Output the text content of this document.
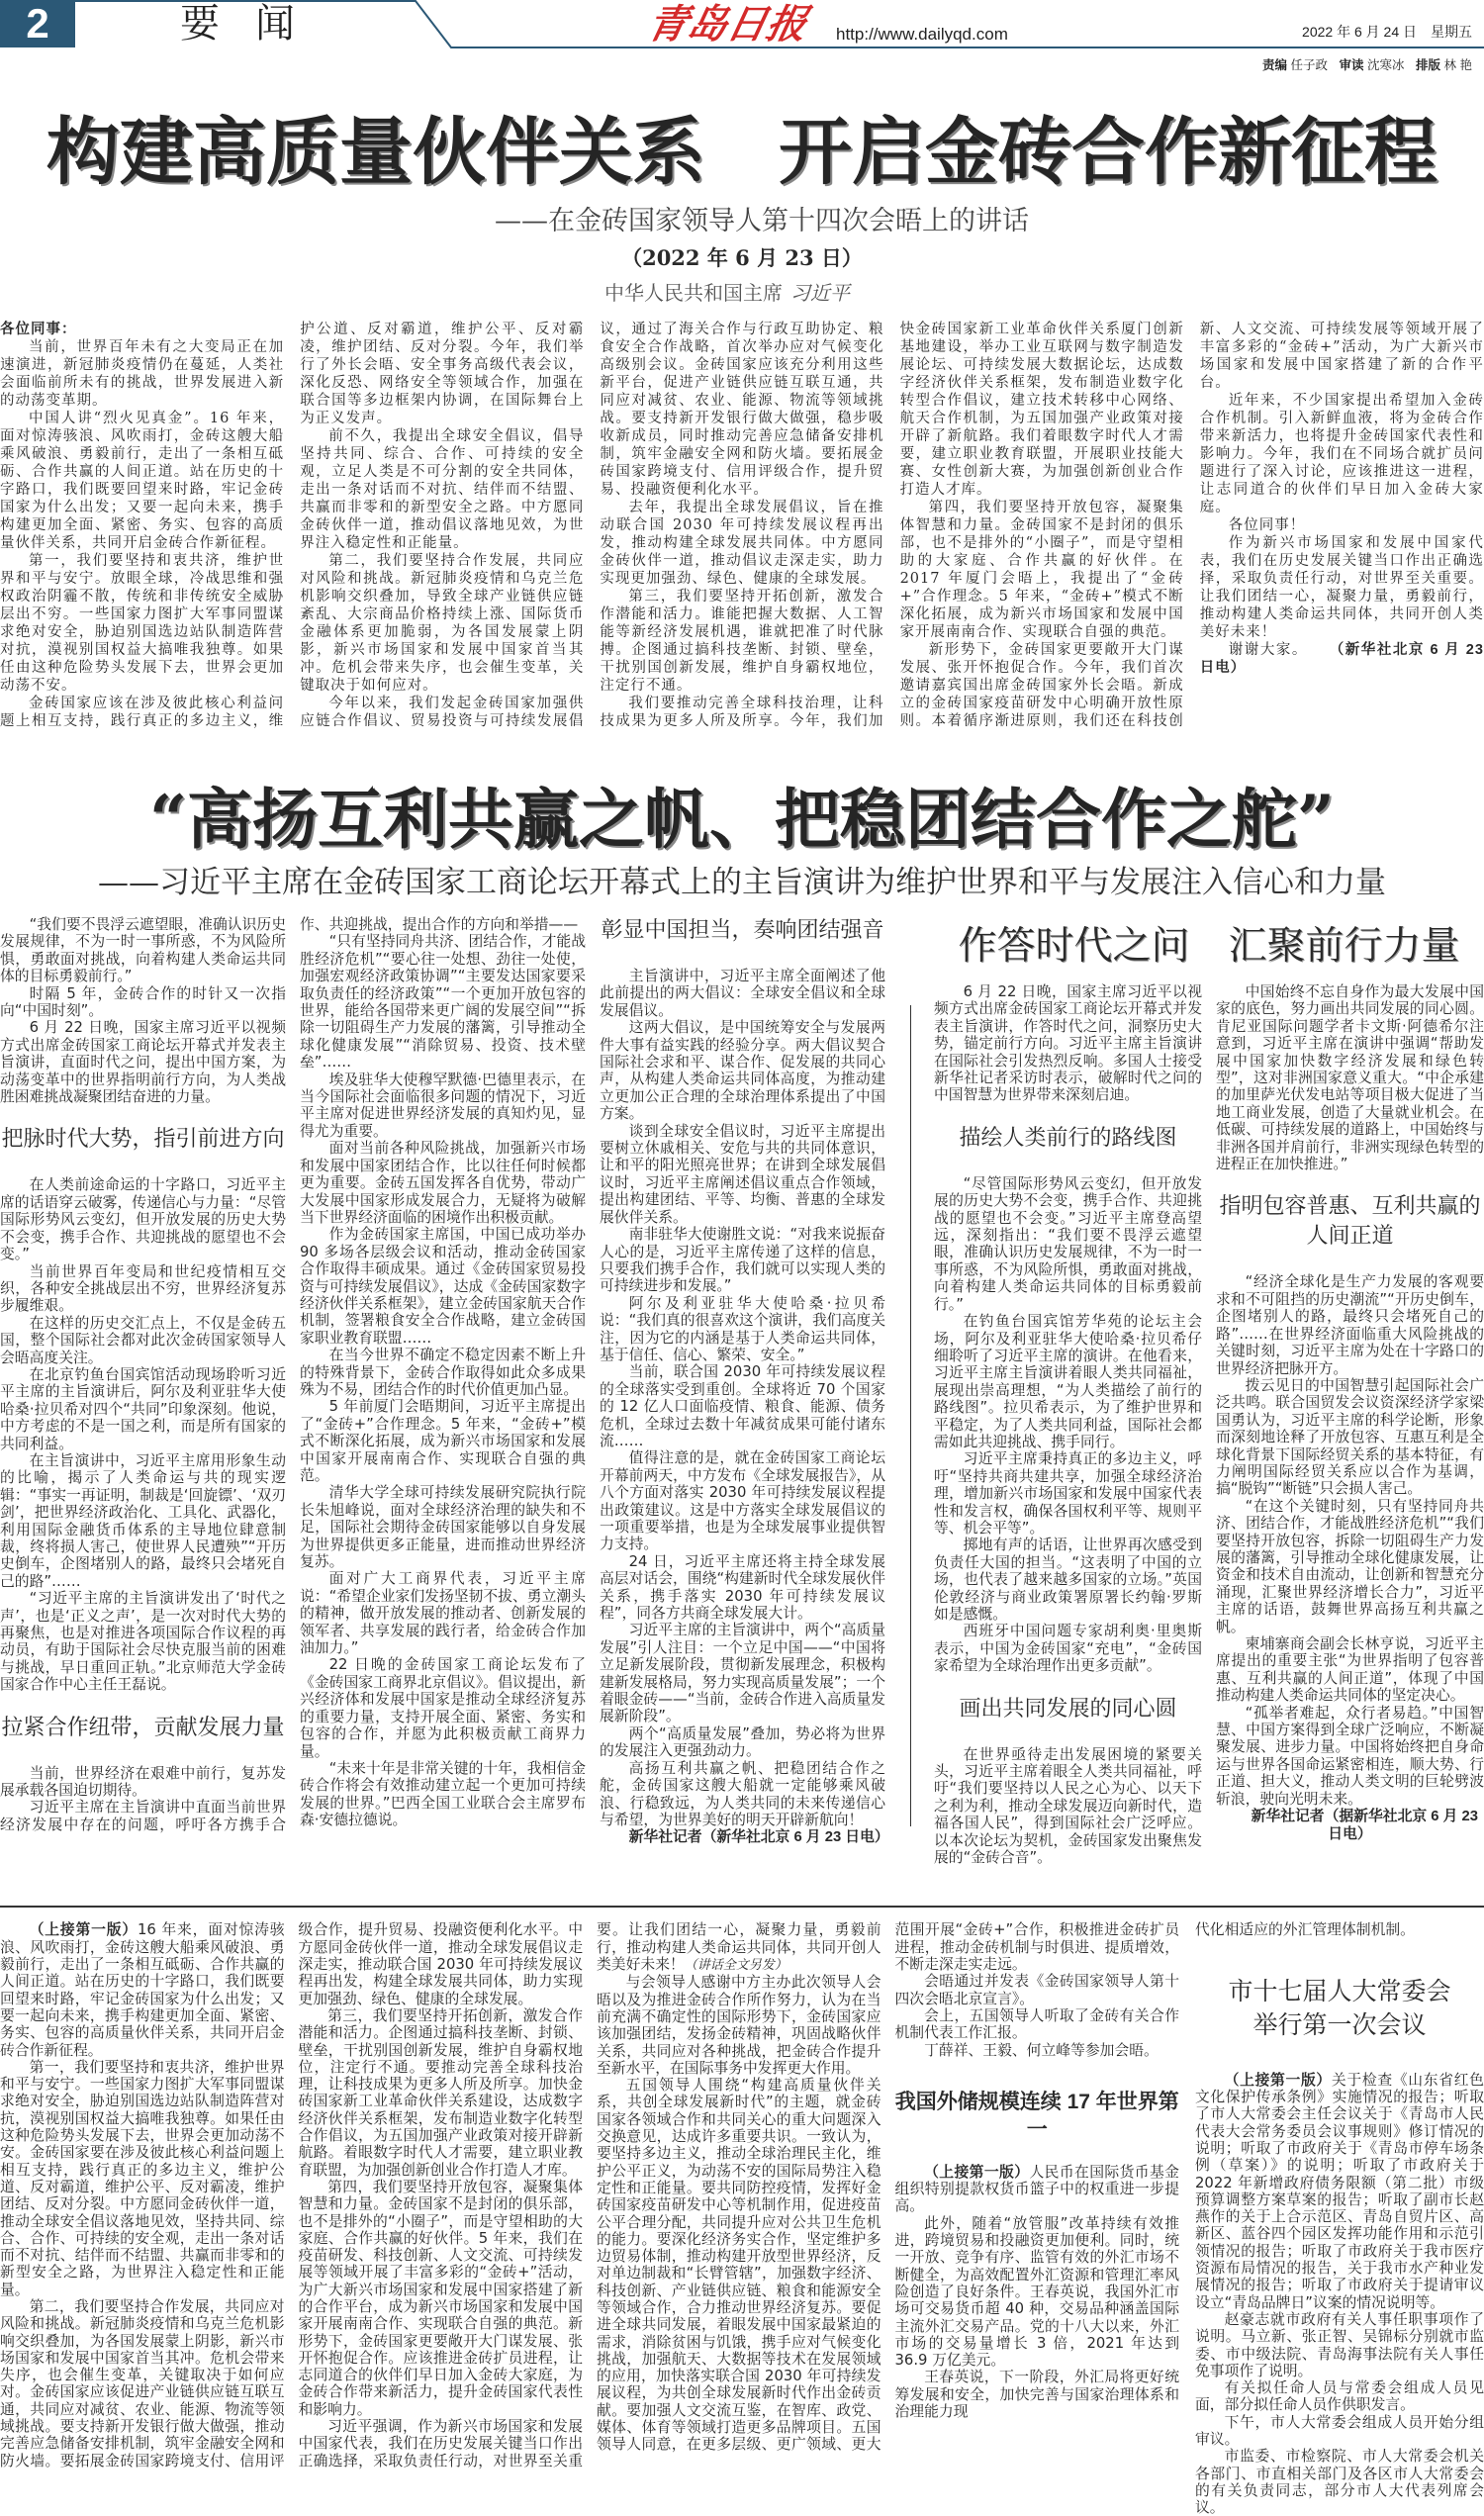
2	要闻	青岛日报 http://www.dailyqd.com	2022 年 6 月 24 日　星期五
责编 任子政 审读 沈寒冰 排版 林 艳
构建高质量伙伴关系　开启金砖合作新征程
——在金砖国家领导人第十四次会晤上的讲话
（2022 年 6 月 23 日）
中华人民共和国主席 习近平

各位同事：

当前，世界百年未有之大变局正在加速演进，新冠肺炎疫情仍在蔓延，人类社会面临前所未有的挑战，世界发展进入新的动荡变革期。

中国人讲“烈火见真金”。16 年来，面对惊涛骇浪、风吹雨打，金砖这艘大船乘风破浪、勇毅前行，走出了一条相互砥砺、合作共赢的人间正道。站在历史的十字路口，我们既要回望来时路，牢记金砖国家为什么出发；又要一起向未来，携手构建更加全面、紧密、务实、包容的高质量伙伴关系，共同开启金砖合作新征程。

第一，我们要坚持和衷共济，维护世界和平与安宁。放眼全球，冷战思维和强权政治阴霾不散，传统和非传统安全威胁层出不穷。一些国家力图扩大军事同盟谋求绝对安全，胁迫别国选边站队制造阵营对抗，漠视别国权益大搞唯我独尊。如果任由这种危险势头发展下去，世界会更加动荡不安。

金砖国家应该在涉及彼此核心利益问题上相互支持，践行真正的多边主义，维护公道、反对霸道，维护公平、反对霸凌，维护团结、反对分裂。今年，我们举行了外长会晤、安全事务高级代表会议，深化反恐、网络安全等领域合作，加强在联合国等多边框架内协调，在国际舞台上为正义发声。

前不久，我提出全球安全倡议，倡导坚持共同、综合、合作、可持续的安全观，立足人类是不可分割的安全共同体，走出一条对话而不对抗、结伴而不结盟、共赢而非零和的新型安全之路。中方愿同金砖伙伴一道，推动倡议落地见效，为世界注入稳定性和正能量。

第二，我们要坚持合作发展，共同应对风险和挑战。新冠肺炎疫情和乌克兰危机影响交织叠加，导致全球产业链供应链紊乱、大宗商品价格持续上涨、国际货币金融体系更加脆弱，为各国发展蒙上阴影，新兴市场国家和发展中国家首当其冲。危机会带来失序，也会催生变革，关键取决于如何应对。

今年以来，我们发起金砖国家加强供应链合作倡议、贸易投资与可持续发展倡议，通过了海关合作与行政互助协定、粮食安全合作战略，首次举办应对气候变化高级别会议。金砖国家应该充分利用这些新平台，促进产业链供应链互联互通，共同应对减贫、农业、能源、物流等领域挑战。要支持新开发银行做大做强，稳步吸收新成员，同时推动完善应急储备安排机制，筑牢金融安全网和防火墙。要拓展金砖国家跨境支付、信用评级合作，提升贸易、投融资便利化水平。

去年，我提出全球发展倡议，旨在推动联合国 2030 年可持续发展议程再出发，推动构建全球发展共同体。中方愿同金砖伙伴一道，推动倡议走深走实，助力实现更加强劲、绿色、健康的全球发展。

第三，我们要坚持开拓创新，激发合作潜能和活力。谁能把握大数据、人工智能等新经济发展机遇，谁就把准了时代脉搏。企图通过搞科技垄断、封锁、壁垒，干扰别国创新发展，维护自身霸权地位，注定行不通。

我们要推动完善全球科技治理，让科技成果为更多人所及所享。今年，我们加快金砖国家新工业革命伙伴关系厦门创新基地建设，举办工业互联网与数字制造发展论坛、可持续发展大数据论坛，达成数字经济伙伴关系框架，发布制造业数字化转型合作倡议，建立技术转移中心网络、航天合作机制，为五国加强产业政策对接开辟了新航路。我们着眼数字时代人才需要，建立职业教育联盟，开展职业技能大赛、女性创新大赛，为加强创新创业合作打造人才库。

第四，我们要坚持开放包容，凝聚集体智慧和力量。金砖国家不是封闭的俱乐部，也不是排外的“小圈子”，而是守望相助的大家庭、合作共赢的好伙伴。在 2017 年厦门会晤上，我提出了“金砖+”合作理念。5 年来，“金砖+”模式不断深化拓展，成为新兴市场国家和发展中国家开展南南合作、实现联合自强的典范。

新形势下，金砖国家更要敞开大门谋发展、张开怀抱促合作。今年，我们首次邀请嘉宾国出席金砖国家外长会晤。新成立的金砖国家疫苗研发中心明确开放性原则。本着循序渐进原则，我们还在科技创新、人文交流、可持续发展等领域开展了丰富多彩的“金砖+”活动，为广大新兴市场国家和发展中国家搭建了新的合作平台。

近年来，不少国家提出希望加入金砖合作机制。引入新鲜血液，将为金砖合作带来新活力，也将提升金砖国家代表性和影响力。今年，我们在不同场合就扩员问题进行了深入讨论，应该推进这一进程，让志同道合的伙伴们早日加入金砖大家庭。

各位同事！

作为新兴市场国家和发展中国家代表，我们在历史发展关键当口作出正确选择，采取负责任行动，对世界至关重要。让我们团结一心，凝聚力量，勇毅前行，推动构建人类命运共同体，共同开创人类美好未来！

谢谢大家。 （新华社北京 6 月 23 日电）

“高扬互利共赢之帆、把稳团结合作之舵”
——习近平主席在金砖国家工商论坛开幕式上的主旨演讲为维护世界和平与发展注入信心和力量

“我们要不畏浮云遮望眼，准确认识历史发展规律，不为一时一事所惑，不为风险所惧，勇敢面对挑战，向着构建人类命运共同体的目标勇毅前行。”

时隔 5 年，金砖合作的时针又一次指向“中国时刻”。

6 月 22 日晚，国家主席习近平以视频方式出席金砖国家工商论坛开幕式并发表主旨演讲，直面时代之问，提出中国方案，为动荡变革中的世界指明前行方向，为人类战胜困难挑战凝聚团结奋进的力量。

把脉时代大势，指引前进方向

在人类前途命运的十字路口，习近平主席的话语穿云破雾，传递信心与力量：“尽管国际形势风云变幻，但开放发展的历史大势不会变，携手合作、共迎挑战的愿望也不会变。”

当前世界百年变局和世纪疫情相互交织，各种安全挑战层出不穷，世界经济复苏步履维艰。

在这样的历史交汇点上，不仅是金砖五国，整个国际社会都对此次金砖国家领导人会晤高度关注。

在北京钓鱼台国宾馆活动现场聆听习近平主席的主旨演讲后，阿尔及利亚驻华大使哈桑·拉贝希对四个“共同”印象深刻。他说，中方考虑的不是一国之利，而是所有国家的共同利益。

在主旨演讲中，习近平主席用形象生动的比喻，揭示了人类命运与共的现实逻辑：“事实一再证明，制裁是‘回旋镖’、‘双刃剑’，把世界经济政治化、工具化、武器化，利用国际金融货币体系的主导地位肆意制裁，终将损人害己，使世界人民遭殃”“开历史倒车，企图堵别人的路，最终只会堵死自己的路”……

“习近平主席的主旨演讲发出了‘时代之声’，也是‘正义之声’，是一次对时代大势的再聚焦，也是对推进各项国际合作议程的再动员，有助于国际社会尽快克服当前的困难与挑战，早日重回正轨。”北京师范大学金砖国家合作中心主任王磊说。

拉紧合作纽带，贡献发展力量

当前，世界经济在艰难中前行，复苏发展承载各国迫切期待。

习近平主席在主旨演讲中直面当前世界经济发展中存在的问题，呼吁各方携手合作、共迎挑战，提出合作的方向和举措——

“只有坚持同舟共济、团结合作，才能战胜经济危机”“要心往一处想、劲往一处使，加强宏观经济政策协调”“主要发达国家要采取负责任的经济政策”“一个更加开放包容的世界，能给各国带来更广阔的发展空间”“拆除一切阻碍生产力发展的藩篱，引导推动全球化健康发展”“消除贸易、投资、技术壁垒”……

埃及驻华大使穆罕默德·巴德里表示，在当今国际社会面临很多问题的情况下，习近平主席对促进世界经济发展的真知灼见，显得尤为重要。

面对当前各种风险挑战，加强新兴市场和发展中国家团结合作，比以往任何时候都更为重要。金砖五国发挥各自优势，带动广大发展中国家形成发展合力，无疑将为破解当下世界经济面临的困境作出积极贡献。

作为金砖国家主席国，中国已成功举办 90 多场各层级会议和活动，推动金砖国家合作取得丰硕成果。通过《金砖国家贸易投资与可持续发展倡议》，达成《金砖国家数字经济伙伴关系框架》，建立金砖国家航天合作机制，签署粮食安全合作战略，建立金砖国家职业教育联盟……

在当今世界不确定不稳定因素不断上升的特殊背景下，金砖合作取得如此众多成果殊为不易，团结合作的时代价值更加凸显。

5 年前厦门会晤期间，习近平主席提出了“金砖+”合作理念。5 年来，“金砖+”模式不断深化拓展，成为新兴市场国家和发展中国家开展南南合作、实现联合自强的典范。

清华大学全球可持续发展研究院执行院长朱旭峰说，面对全球经济治理的缺失和不足，国际社会期待金砖国家能够以自身发展为世界提供更多正能量，进而推动世界经济复苏。

面对广大工商界代表，习近平主席说：“希望企业家们发扬坚韧不拔、勇立潮头的精神，做开放发展的推动者、创新发展的领军者、共享发展的践行者，给金砖合作加油加力。”

22 日晚的金砖国家工商论坛发布了《金砖国家工商界北京倡议》。倡议提出，新兴经济体和发展中国家是推动全球经济复苏的重要力量，支持开展全面、紧密、务实和包容的合作，并愿为此积极贡献工商界力量。

“未来十年是非常关键的十年，我相信金砖合作将会有效推动建立起一个更加可持续发展的世界。”巴西全国工业联合会主席罗布森·安德拉德说。

彰显中国担当，奏响团结强音

主旨演讲中，习近平主席全面阐述了他此前提出的两大倡议：全球安全倡议和全球发展倡议。

这两大倡议，是中国统筹安全与发展两件大事有益实践的经验分享。两大倡议契合国际社会求和平、谋合作、促发展的共同心声，从构建人类命运共同体高度，为推动建立更加公正合理的全球治理体系提出了中国方案。

谈到全球安全倡议时，习近平主席提出要树立休戚相关、安危与共的共同体意识，让和平的阳光照亮世界；在讲到全球发展倡议时，习近平主席阐述倡议重点合作领域，提出构建团结、平等、均衡、普惠的全球发展伙伴关系。

南非驻华大使谢胜文说：“对我来说振奋人心的是，习近平主席传递了这样的信息，只要我们携手合作，我们就可以实现人类的可持续进步和发展。”

阿尔及利亚驻华大使哈桑·拉贝希说：“我们真的很喜欢这个演讲，我们高度关注，因为它的内涵是基于人类命运共同体，基于信任、信心、繁荣、安全。”

当前，联合国 2030 年可持续发展议程的全球落实受到重创。全球将近 70 个国家的 12 亿人口面临疫情、粮食、能源、债务危机，全球过去数十年减贫成果可能付诸东流……

值得注意的是，就在金砖国家工商论坛开幕前两天，中方发布《全球发展报告》，从八个方面对落实 2030 年可持续发展议程提出政策建议。这是中方落实全球发展倡议的一项重要举措，也是为全球发展事业提供智力支持。

24 日，习近平主席还将主持全球发展高层对话会，围绕“构建新时代全球发展伙伴关系，携手落实 2030 年可持续发展议程”，同各方共商全球发展大计。

习近平主席的主旨演讲中，两个“高质量发展”引人注目：一个立足中国——“中国将立足新发展阶段，贯彻新发展理念，积极构建新发展格局，努力实现高质量发展”；一个着眼金砖——“当前，金砖合作进入高质量发展新阶段”。

两个“高质量发展”叠加，势必将为世界的发展注入更强劲动力。

高扬互利共赢之帆、把稳团结合作之舵，金砖国家这艘大船就一定能够乘风破浪、行稳致远，为人类共同的未来传递信心与希望，为世界美好的明天开辟新航向！

新华社记者（新华社北京 6 月 23 日电）

作答时代之问　汇聚前行力量

6 月 22 日晚，国家主席习近平以视频方式出席金砖国家工商论坛开幕式并发表主旨演讲，作答时代之问，洞察历史大势，锚定前行方向。习近平主席主旨演讲在国际社会引发热烈反响。多国人士接受新华社记者采访时表示，破解时代之问的中国智慧为世界带来深刻启迪。

描绘人类前行的路线图

“尽管国际形势风云变幻，但开放发展的历史大势不会变，携手合作、共迎挑战的愿望也不会变。”习近平主席登高望远，深刻指出：“我们要不畏浮云遮望眼，准确认识历史发展规律，不为一时一事所惑，不为风险所惧，勇敢面对挑战，向着构建人类命运共同体的目标勇毅前行。”

在钓鱼台国宾馆芳华苑的论坛主会场，阿尔及利亚驻华大使哈桑·拉贝希仔细聆听了习近平主席的演讲。在他看来，习近平主席主旨演讲着眼人类共同福祉，展现出崇高理想，“为人类描绘了前行的路线图”。拉贝希表示，为了维护世界和平稳定，为了人类共同利益，国际社会都需如此共迎挑战、携手同行。

习近平主席秉持真正的多边主义，呼吁“坚持共商共建共享，加强全球经济治理，增加新兴市场国家和发展中国家代表性和发言权，确保各国权利平等、规则平等、机会平等”。

掷地有声的话语，让世界再次感受到负责任大国的担当。“这表明了中国的立场，也代表了越来越多国家的立场。”英国伦敦经济与商业政策署原署长约翰·罗斯如是感慨。

西班牙中国问题专家胡利奥·里奥斯表示，中国为金砖国家“充电”，“金砖国家希望为全球治理作出更多贡献”。

画出共同发展的同心圆

在世界亟待走出发展困境的紧要关头，习近平主席着眼全人类共同福祉，呼吁“我们要坚持以人民之心为心、以天下之利为利，推动全球发展迈向新时代，造福各国人民”，得到国际社会广泛呼应。以本次论坛为契机，金砖国家发出聚焦发展的“金砖合音”。

中国始终不忘自身作为最大发展中国家的底色，努力画出共同发展的同心圆。肯尼亚国际问题学者卡文斯·阿德希尔注意到，习近平主席在演讲中强调“帮助发展中国家加快数字经济发展和绿色转型”，这对非洲国家意义重大。“中企承建的加里萨光伏发电站等项目极大促进了当地工商业发展，创造了大量就业机会。在低碳、可持续发展的道路上，中国始终与非洲各国并肩前行，非洲实现绿色转型的进程正在加快推进。”

指明包容普惠、互利共赢的人间正道

“经济全球化是生产力发展的客观要求和不可阻挡的历史潮流”“开历史倒车，企图堵别人的路，最终只会堵死自己的路”……在世界经济面临重大风险挑战的关键时刻，习近平主席为处在十字路口的世界经济把脉开方。

拨云见日的中国智慧引起国际社会广泛共鸣。联合国贸发会议资深经济学家梁国勇认为，习近平主席的科学论断，形象而深刻地诠释了开放包容、互惠互利是全球化背景下国际经贸关系的基本特征，有力阐明国际经贸关系应以合作为基调，搞“脱钩”“断链”只会损人害己。

“在这个关键时刻，只有坚持同舟共济、团结合作，才能战胜经济危机”“我们要坚持开放包容，拆除一切阻碍生产力发展的藩篱，引导推动全球化健康发展，让资金和技术自由流动，让创新和智慧充分涌现，汇聚世界经济增长合力”，习近平主席的话语，鼓舞世界高扬互利共赢之帆。

柬埔寨商会副会长林亨说，习近平主席提出的重要主张“为世界指明了包容普惠、互利共赢的人间正道”，体现了中国推动构建人类命运共同体的坚定决心。

“孤举者难起，众行者易趋。”中国智慧、中国方案得到全球广泛响应，不断凝聚发展、进步力量。中国将始终把自身命运与世界各国命运紧密相连，顺大势、行正道、担大义，推动人类文明的巨轮劈波斩浪，驶向光明未来。

新华社记者（据新华社北京 6 月 23 日电）

（上接第一版）16 年来，面对惊涛骇浪、风吹雨打，金砖这艘大船乘风破浪、勇毅前行，走出了一条相互砥砺、合作共赢的人间正道。站在历史的十字路口，我们既要回望来时路，牢记金砖国家为什么出发；又要一起向未来，携手构建更加全面、紧密、务实、包容的高质量伙伴关系，共同开启金砖合作新征程。

第一，我们要坚持和衷共济，维护世界和平与安宁。一些国家力图扩大军事同盟谋求绝对安全，胁迫别国选边站队制造阵营对抗，漠视别国权益大搞唯我独尊。如果任由这种危险势头发展下去，世界会更加动荡不安。金砖国家要在涉及彼此核心利益问题上相互支持，践行真正的多边主义，维护公道、反对霸道，维护公平、反对霸凌，维护团结、反对分裂。中方愿同金砖伙伴一道，推动全球安全倡议落地见效，坚持共同、综合、合作、可持续的安全观，走出一条对话而不对抗、结伴而不结盟、共赢而非零和的新型安全之路，为世界注入稳定性和正能量。

第二，我们要坚持合作发展，共同应对风险和挑战。新冠肺炎疫情和乌克兰危机影响交织叠加，为各国发展蒙上阴影，新兴市场国家和发展中国家首当其冲。危机会带来失序，也会催生变革，关键取决于如何应对。金砖国家应该促进产业链供应链互联互通，共同应对减贫、农业、能源、物流等领域挑战。要支持新开发银行做大做强，推动完善应急储备安排机制，筑牢金融安全网和防火墙。要拓展金砖国家跨境支付、信用评级合作，提升贸易、投融资便利化水平。中方愿同金砖伙伴一道，推动全球发展倡议走深走实，推动联合国 2030 年可持续发展议程再出发，构建全球发展共同体，助力实现更加强劲、绿色、健康的全球发展。

第三，我们要坚持开拓创新，激发合作潜能和活力。企图通过搞科技垄断、封锁、壁垒，干扰别国创新发展，维护自身霸权地位，注定行不通。要推动完善全球科技治理，让科技成果为更多人所及所享。加快金砖国家新工业革命伙伴关系建设，达成数字经济伙伴关系框架，发布制造业数字化转型合作倡议，为五国加强产业政策对接开辟新航路。着眼数字时代人才需要，建立职业教育联盟，为加强创新创业合作打造人才库。

第四，我们要坚持开放包容，凝聚集体智慧和力量。金砖国家不是封闭的俱乐部，也不是排外的“小圈子”，而是守望相助的大家庭、合作共赢的好伙伴。5 年来，我们在疫苗研发、科技创新、人文交流、可持续发展等领域开展了丰富多彩的“金砖+”活动，为广大新兴市场国家和发展中国家搭建了新的合作平台，成为新兴市场国家和发展中国家开展南南合作、实现联合自强的典范。新形势下，金砖国家更要敞开大门谋发展、张开怀抱促合作。应该推进金砖扩员进程，让志同道合的伙伴们早日加入金砖大家庭，为金砖合作带来新活力，提升金砖国家代表性和影响力。

习近平强调，作为新兴市场国家和发展中国家代表，我们在历史发展关键当口作出正确选择，采取负责任行动，对世界至关重要。让我们团结一心，凝聚力量，勇毅前行，推动构建人类命运共同体，共同开创人类美好未来！（讲话全文另发）

与会领导人感谢中方主办此次领导人会晤以及为推进金砖合作所作努力，认为在当前充满不确定性的国际形势下，金砖国家应该加强团结，发扬金砖精神，巩固战略伙伴关系，共同应对各种挑战，把金砖合作提升至新水平，在国际事务中发挥更大作用。

五国领导人围绕“构建高质量伙伴关系，共创全球发展新时代”的主题，就金砖国家各领域合作和共同关心的重大问题深入交换意见，达成许多重要共识。一致认为，要坚持多边主义，推动全球治理民主化，维护公平正义，为动荡不安的国际局势注入稳定性和正能量。要共同防控疫情，发挥好金砖国家疫苗研发中心等机制作用，促进疫苗公平合理分配，共同提升应对公共卫生危机的能力。要深化经济务实合作，坚定维护多边贸易体制，推动构建开放型世界经济，反对单边制裁和“长臂管辖”，加强数字经济、科技创新、产业链供应链、粮食和能源安全等领域合作，合力推动世界经济复苏。要促进全球共同发展，着眼发展中国家最紧迫的需求，消除贫困与饥饿，携手应对气候变化挑战，加强航天、大数据等技术在发展领域的应用，加快落实联合国 2030 年可持续发展议程，为共创全球发展新时代作出金砖贡献。要加强人文交流互鉴，在智库、政党、媒体、体育等领域打造更多品牌项目。五国领导人同意，在更多层级、更广领域、更大范围开展“金砖+”合作，积极推进金砖扩员进程，推动金砖机制与时俱进、提质增效，不断走深走实走远。

会晤通过并发表《金砖国家领导人第十四次会晤北京宣言》。

会上，五国领导人听取了金砖有关合作机制代表工作汇报。

丁薛祥、王毅、何立峰等参加会晤。

我国外储规模连续 17 年世界第一

（上接第一版）人民币在国际货币基金组织特别提款权货币篮子中的权重进一步提高。

此外，随着“放管服”改革持续有效推进，跨境贸易和投融资更加便利。同时，统一开放、竞争有序、监管有效的外汇市场不断健全，为高效配置外汇资源和管理汇率风险创造了良好条件。王春英说，我国外汇市场可交易货币超 40 种，交易品种涵盖国际主流外汇交易产品。党的十八大以来，外汇市场的交易量增长 3 倍，2021 年达到 36.9 万亿美元。

王春英说，下一阶段，外汇局将更好统筹发展和安全，加快完善与国家治理体系和治理能力现

代化相适应的外汇管理体制机制。

市十七届人大常委会
举行第一次会议

（上接第一版）关于检查《山东省红色文化保护传承条例》实施情况的报告；听取了市人大常委会主任会议关于《青岛市人民代表大会常务委员会议事规则》修订情况的说明；听取了市政府关于《青岛市停车场条例（草案）》的说明；听取了市政府关于 2022 年新增政府债务限额（第二批）市级预算调整方案草案的报告；听取了副市长赵燕作的关于上合示范区、青岛自贸片区、高新区、蓝谷四个园区发挥功能作用和示范引领情况的报告；听取了市政府关于我市医疗资源布局情况的报告，关于我市水产种业发展情况的报告；听取了市政府关于提请审议设立“青岛品牌日”议案的情况说明等。

赵豪志就市政府有关人事任职事项作了说明。马立新、张正智、吴锦标分别就市监委、市中级法院、青岛海事法院有关人事任免事项作了说明。

有关拟任命人员与常委会组成人员见面，部分拟任命人员作供职发言。

下午，市人大常委会组成人员开始分组审议。

市监委、市检察院、市人大常委会机关各部门、市直相关部门及各区市人大常委会的有关负责同志，部分市人大代表列席会议。
